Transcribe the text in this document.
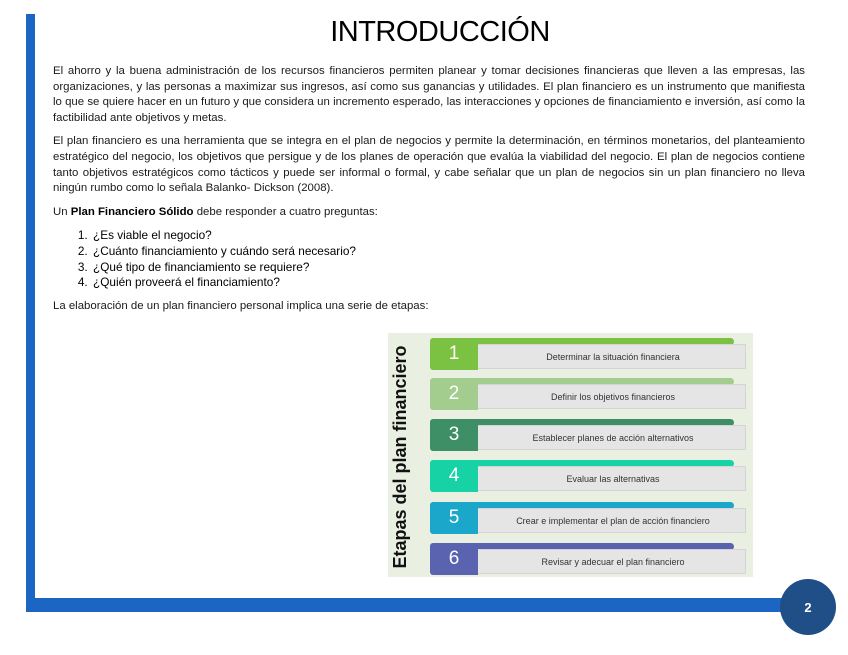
2
INTRODUCCIÓN

El ahorro y la buena administración de los recursos financieros permiten planear y tomar decisiones financieras que lleven a las empresas, las organizaciones, y las personas a maximizar sus ingresos, así como sus ganancias y utilidades. El plan financiero es un instrumento que manifiesta lo que se quiere hacer en un futuro y que considera un incremento esperado, las interacciones y opciones de financiamiento e inversión, así como la factibilidad ante objetivos y metas.

El plan financiero es una herramienta que se integra en el plan de negocios y permite la determinación, en términos monetarios, del planteamiento estratégico del negocio, los objetivos que persigue y de los planes de operación que evalúa la viabilidad del negocio. El plan de negocios contiene tanto objetivos estratégicos como tácticos y puede ser informal o formal, y cabe señalar que un plan de negocios sin un plan financiero no lleva ningún rumbo como lo señala Balanko- Dickson (2008).

Un Plan Financiero Sólido debe responder a cuatro preguntas:

1. ¿Es viable el negocio?
2. ¿Cuánto financiamiento y cuándo será necesario?
3. ¿Qué tipo de financiamiento se requiere?
4. ¿Quién proveerá el financiamiento?

La elaboración de un plan financiero personal implica una serie de etapas:

Etapas del plan financiero	Determinar la situación financiera
1
Definir los objetivos financieros
2
Establecer planes de acción alternativos
3
Evaluar las alternativas
4
Crear e implementar el plan de acción financiero
5
Revisar y adecuar el plan financiero
6
